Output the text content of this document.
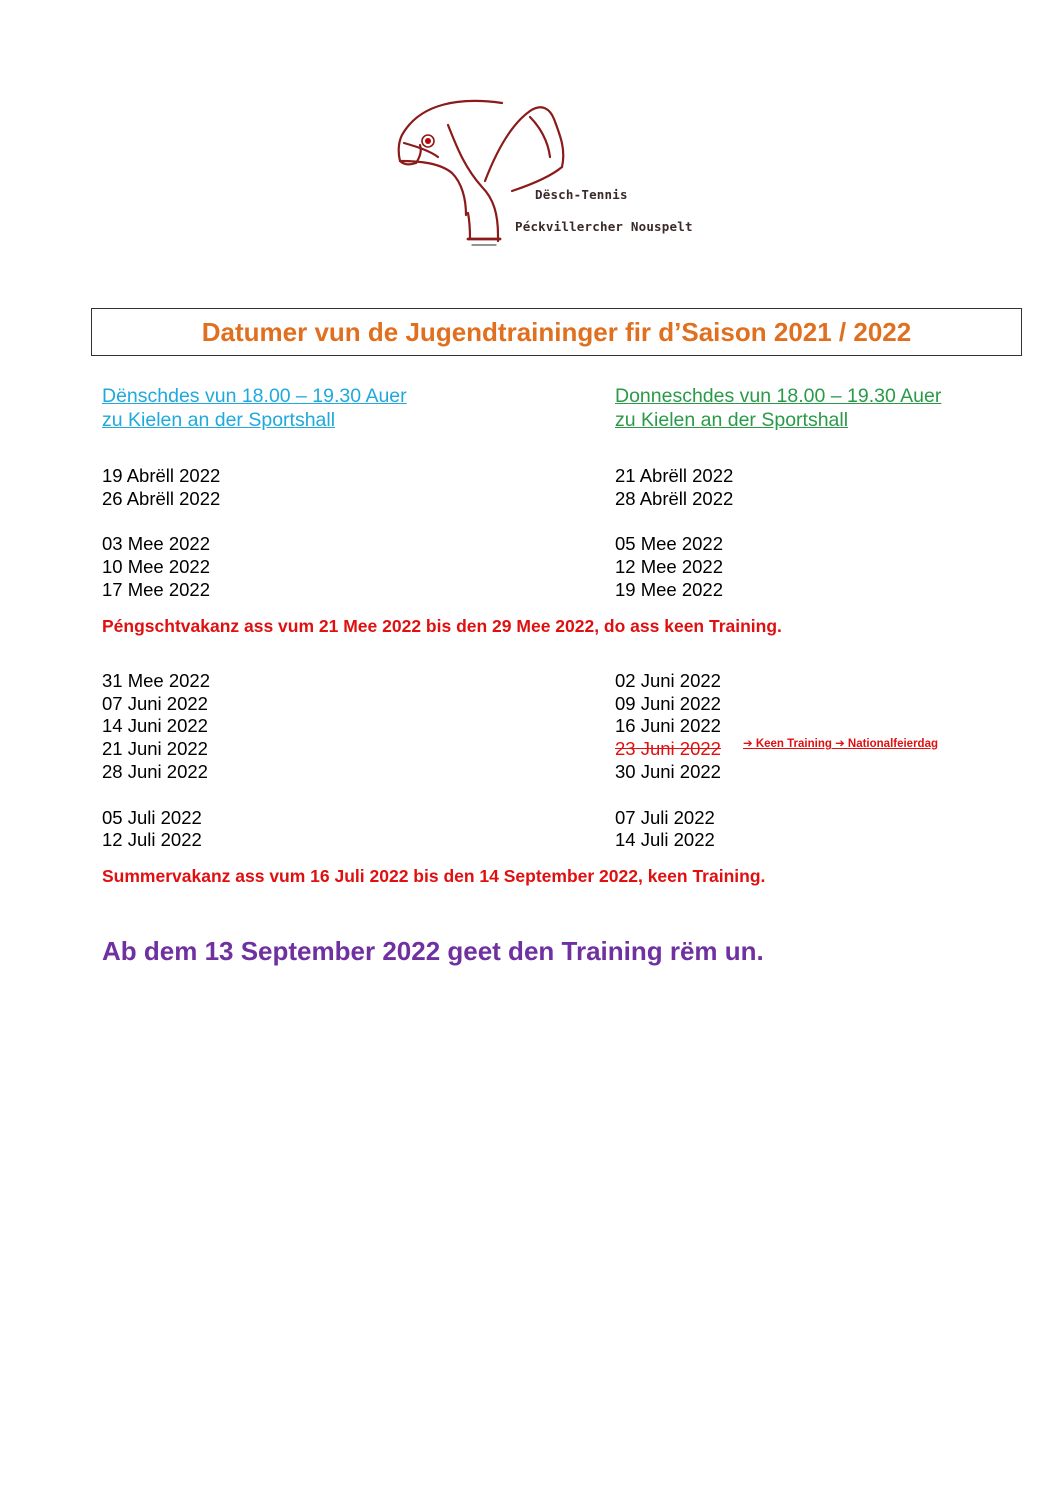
Dësch-Tennis
Péckvillercher Nouspelt
Datumer vun de Jugendtraininger fir d’Saison 2021 / 2022
Dënschdes vun 18.00 – 19.30 Auer
zu Kielen an der Sportshall
19 Abrëll 2022
26 Abrëll 2022
03 Mee 2022
10 Mee 2022
17 Mee 2022
31 Mee 2022
07 Juni 2022
14 Juni 2022
21 Juni 2022
28 Juni 2022
05 Juli 2022
12 Juli 2022
Donneschdes vun 18.00 – 19.30 Auer
zu Kielen an der Sportshall
21 Abrëll 2022
28 Abrëll 2022
05 Mee 2022
12 Mee 2022
19 Mee 2022
02 Juni 2022
09 Juni 2022
16 Juni 2022
23 Juni 2022
30 Juni 2022
07 Juli 2022
14 Juli 2022
➔ Keen Training ➔ Nationalfeierdag
Péngschtvakanz ass vum 21 Mee 2022 bis den 29 Mee 2022, do ass keen Training.
Summervakanz ass vum 16 Juli 2022 bis den 14 September 2022, keen Training.
Ab dem 13 September 2022 geet den Training rëm un.
